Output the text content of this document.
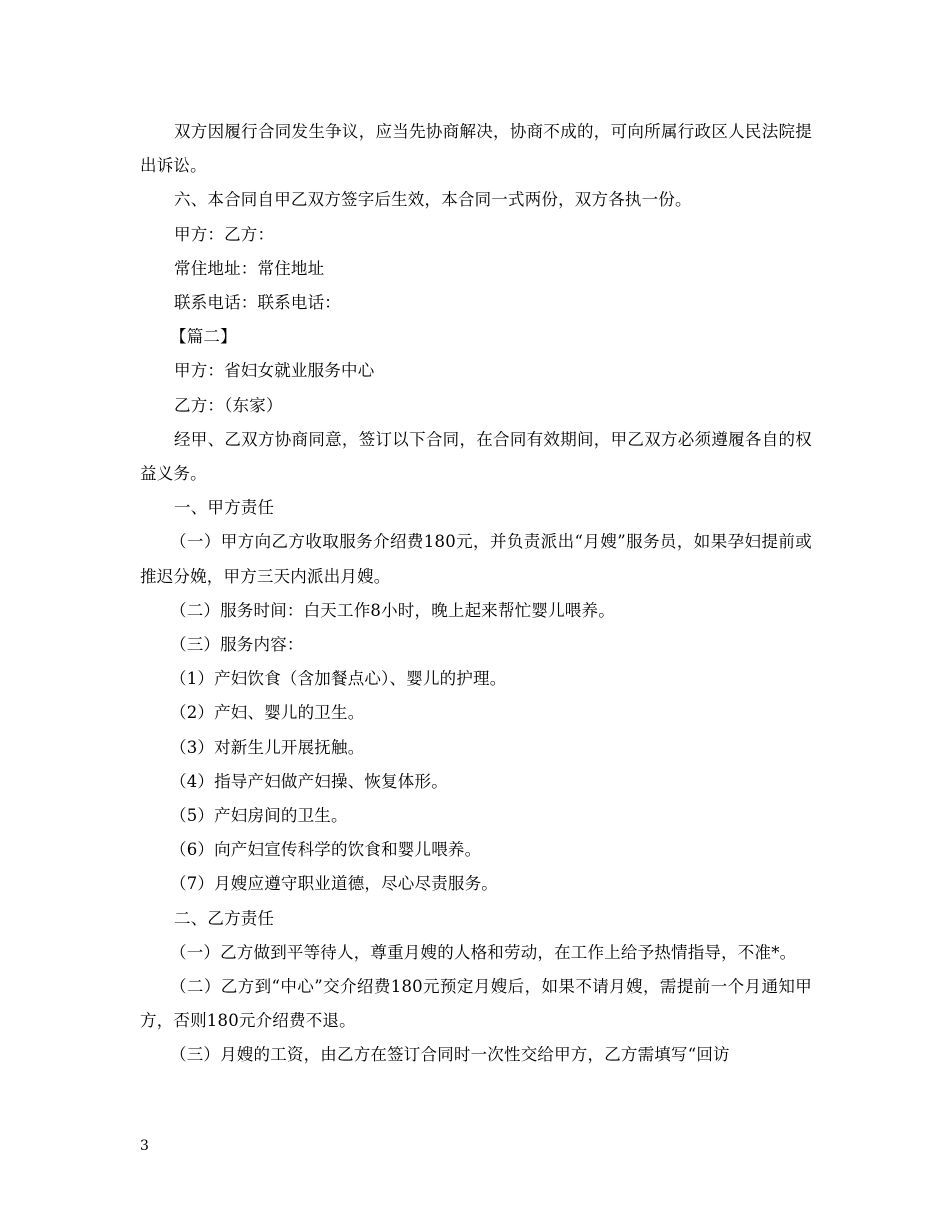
双方因履行合同发生争议，应当先协商解决，协商不成的，可向所属行政区人民法院提出诉讼。

六、本合同自甲乙双方签字后生效，本合同一式两份，双方各执一份。

甲方：乙方：

常住地址：常住地址

联系电话：联系电话：

【篇二】

甲方：省妇女就业服务中心

乙方：（东家）

经甲、乙双方协商同意，签订以下合同，在合同有效期间，甲乙双方必须遵履各自的权益义务。

一、甲方责任

（一）甲方向乙方收取服务介绍费180元，并负责派出“月嫂”服务员，如果孕妇提前或推迟分娩，甲方三天内派出月嫂。

（二）服务时间：白天工作8小时，晚上起来帮忙婴儿喂养。

（三）服务内容：

（1）产妇饮食（含加餐点心）、婴儿的护理。

（2）产妇、婴儿的卫生。

（3）对新生儿开展抚触。

（4）指导产妇做产妇操、恢复体形。

（5）产妇房间的卫生。

（6）向产妇宣传科学的饮食和婴儿喂养。

（7）月嫂应遵守职业道德，尽心尽责服务。

二、乙方责任

（一）乙方做到平等待人，尊重月嫂的人格和劳动，在工作上给予热情指导，不准*。

（二）乙方到“中心”交介绍费180元预定月嫂后，如果不请月嫂，需提前一个月通知甲方，否则180元介绍费不退。

（三）月嫂的工资，由乙方在签订合同时一次性交给甲方，乙方需填写“回访

3
